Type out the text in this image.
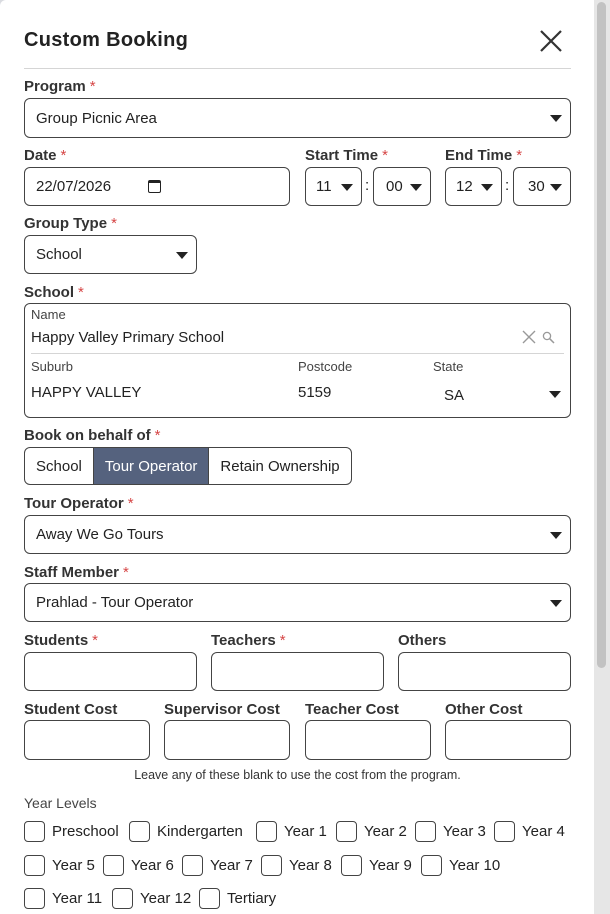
Custom Booking
Program *
Group Picnic Area
Date *
22/07/2026
Start Time *
11 : 00
End Time *
12 : 30
Group Type *
School
School *
Name
Happy Valley Primary School
Suburb
HAPPY VALLEY
Postcode
5159
State
SA
Book on behalf of *
School	Tour Operator	Retain Ownership
Tour Operator *
Away We Go Tours
Staff Member *
Prahlad - Tour Operator
Students *	Teachers *	Others
Student Cost	Supervisor Cost Teacher Cost	Other Cost
Leave any of these blank to use the cost from the program.
Year Levels
Preschool	Kindergarten	Year 1 Year 2 Year 3 Year 4
Year 5 Year 6 Year 7 Year 8 Year 9 Year 10
Year 11	Year 12 Tertiary
